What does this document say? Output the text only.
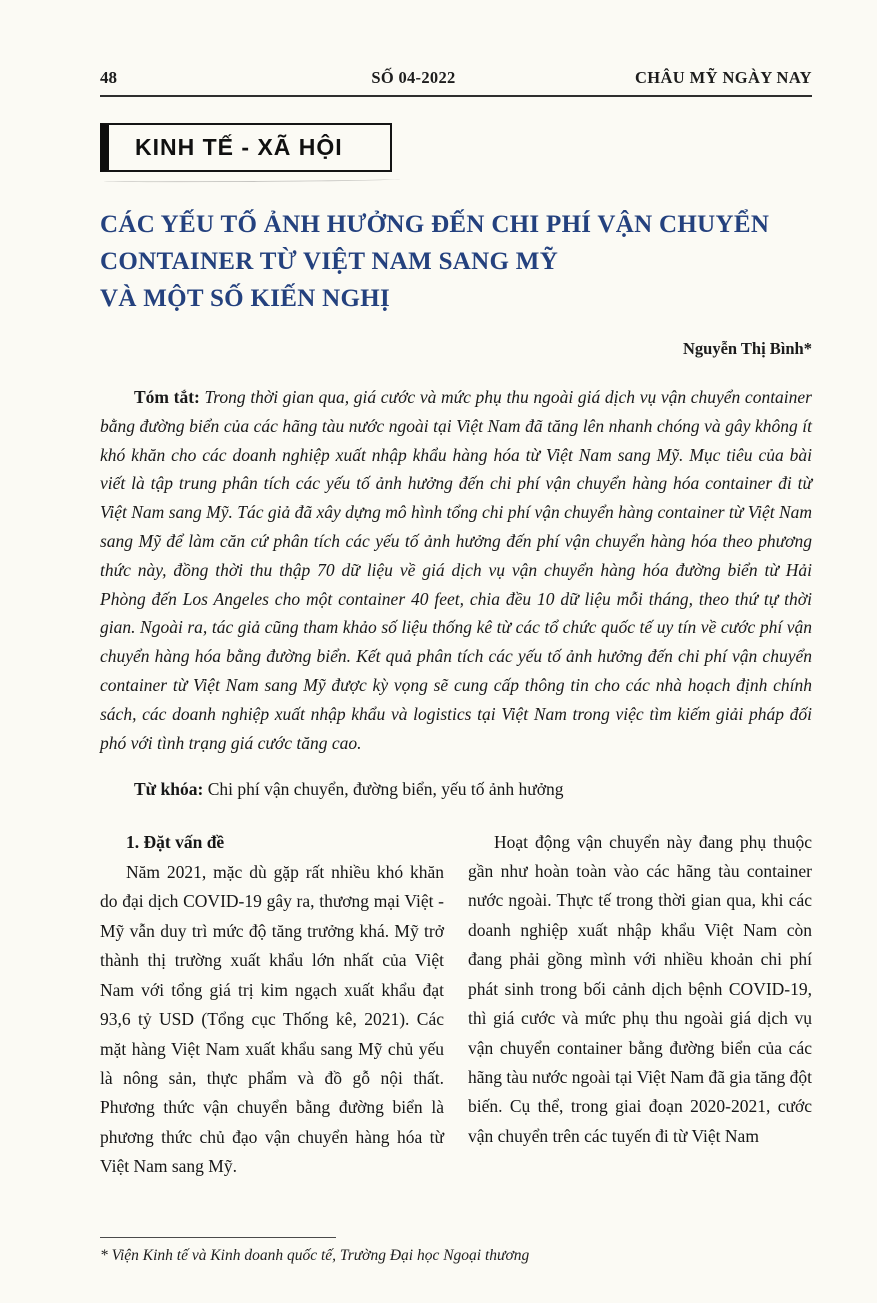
48	SỐ 04-2022	CHÂU MỸ NGÀY NAY
KINH TẾ - XÃ HỘI
CÁC YẾU TỐ ẢNH HƯỞNG ĐẾN CHI PHÍ VẬN CHUYỂN
CONTAINER TỪ VIỆT NAM SANG MỸ
VÀ MỘT SỐ KIẾN NGHỊ
Nguyễn Thị Bình*

Tóm tắt: Trong thời gian qua, giá cước và mức phụ thu ngoài giá dịch vụ vận chuyển container bằng đường biển của các hãng tàu nước ngoài tại Việt Nam đã tăng lên nhanh chóng và gây không ít khó khăn cho các doanh nghiệp xuất nhập khẩu hàng hóa từ Việt Nam sang Mỹ. Mục tiêu của bài viết là tập trung phân tích các yếu tố ảnh hưởng đến chi phí vận chuyển hàng hóa container đi từ Việt Nam sang Mỹ. Tác giả đã xây dựng mô hình tổng chi phí vận chuyển hàng container từ Việt Nam sang Mỹ để làm căn cứ phân tích các yếu tố ảnh hưởng đến phí vận chuyển hàng hóa theo phương thức này, đồng thời thu thập 70 dữ liệu về giá dịch vụ vận chuyển hàng hóa đường biển từ Hải Phòng đến Los Angeles cho một container 40 feet, chia đều 10 dữ liệu mỗi tháng, theo thứ tự thời gian. Ngoài ra, tác giả cũng tham khảo số liệu thống kê từ các tổ chức quốc tế uy tín về cước phí vận chuyển hàng hóa bằng đường biển. Kết quả phân tích các yếu tố ảnh hưởng đến chi phí vận chuyển container từ Việt Nam sang Mỹ được kỳ vọng sẽ cung cấp thông tin cho các nhà hoạch định chính sách, các doanh nghiệp xuất nhập khẩu và logistics tại Việt Nam trong việc tìm kiếm giải pháp đối phó với tình trạng giá cước tăng cao.

Từ khóa: Chi phí vận chuyển, đường biển, yếu tố ảnh hưởng

1. Đặt vấn đề

Năm 2021, mặc dù gặp rất nhiều khó khăn do đại dịch COVID-19 gây ra, thương mại Việt - Mỹ vẫn duy trì mức độ tăng trưởng khá. Mỹ trở thành thị trường xuất khẩu lớn nhất của Việt Nam với tổng giá trị kim ngạch xuất khẩu đạt 93,6 tỷ USD (Tổng cục Thống kê, 2021). Các mặt hàng Việt Nam xuất khẩu sang Mỹ chủ yếu là nông sản, thực phẩm và đồ gỗ nội thất. Phương thức vận chuyển bằng đường biển là phương thức chủ đạo vận chuyển hàng hóa từ Việt Nam sang Mỹ.

Hoạt động vận chuyển này đang phụ thuộc gần như hoàn toàn vào các hãng tàu container nước ngoài. Thực tế trong thời gian qua, khi các doanh nghiệp xuất nhập khẩu Việt Nam còn đang phải gồng mình với nhiều khoản chi phí phát sinh trong bối cảnh dịch bệnh COVID-19, thì giá cước và mức phụ thu ngoài giá dịch vụ vận chuyển container bằng đường biển của các hãng tàu nước ngoài tại Việt Nam đã gia tăng đột biến. Cụ thể, trong giai đoạn 2020-2021, cước vận chuyển trên các tuyến đi từ Việt Nam

* Viện Kinh tế và Kinh doanh quốc tế, Trường Đại học Ngoại thương
